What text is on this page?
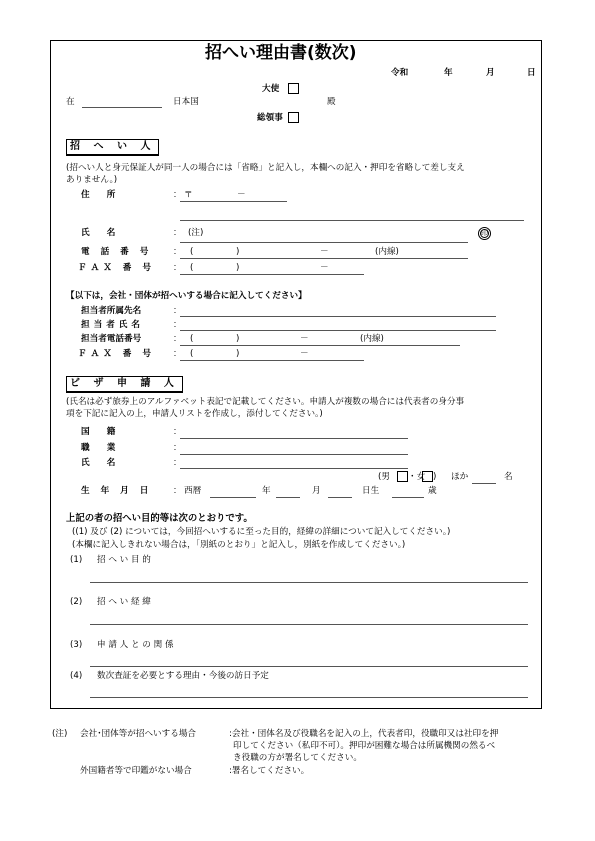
招へい理由書(数次)
令和	年	月	日
大使
在	日本国	殿
総領事
招 へ い 人
(招へい人と身元保証人が同一人の場合には「省略」と記入し，本欄への記入・押印を省略して差し支え
ありません。)
住　　所	： 〒	－
氏　　名	： (注)	印
電 話 番 号 ： (	)	－	(内線)
ＦＡＸ 番 号 ： (	)	－
【以下は，会社・団体が招へいする場合に記入してください】
担当者所属先名	：
担当者氏名	：
担当者電話番号	： (	)	－	(内線)
ＦＡＸ 番 号 ： (	)	－
ビ ザ 申 請 人
(氏名は必ず旅券上のアルファベット表記で記載してください。申請人が複数の場合には代表者の身分事
項を下記に記入の上，申請人リストを作成し，添付してください。)
国　　籍	：
職　　業	：
氏　　名	：
(男 ・女 ) ほか	名
生 年 月 日 ： 西暦	年	月	日生	歳
上記の者の招へい目的等は次のとおりです。
((1) 及び (2) については，今回招へいするに至った目的，経緯の詳細について記入してください。)
(本欄に記入しきれない場合は，「別紙のとおり」と記入し，別紙を作成してください。)
(1) 招 へ い 目 的
(2) 招 へ い 経 緯
(3) 申 請 人 と の 関 係
(4) 数次査証を必要とする理由・今後の訪日予定
(注) 会社･団体等が招へいする場合	:会社・団体名及び役職名を記入の上，代表者印，役職印又は社印を押
印してください（私印不可）。押印が困難な場合は所属機関の然るべ
き役職の方が署名してください。
外国籍者等で印鑑がない場合	:署名してください。
